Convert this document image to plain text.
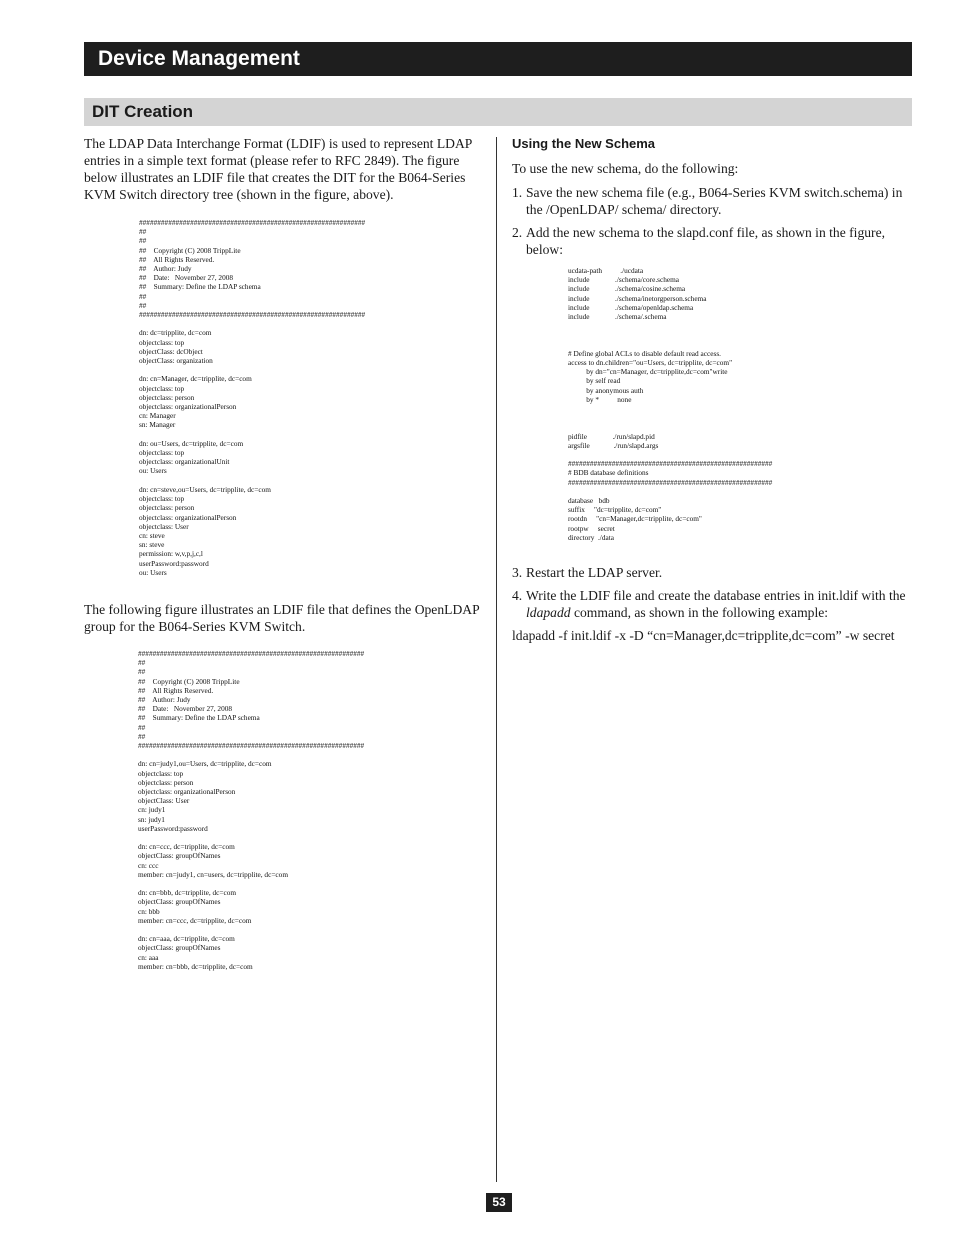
Device Management
DIT Creation

The LDAP Data Interchange Format (LDIF) is used to represent LDAP entries in a simple text format (please refer to RFC 2849). The figure below illustrates an LDIF file that creates the DIT for the B064-Series KVM Switch directory tree (shown in the figure, above).

##############################################################
##
##
##    Copyright (C) 2008 TrippLite
##    All Rights Reserved.
##    Author: Judy
##    Date:   November 27, 2008
##    Summary: Define the LDAP schema
##
##
##############################################################

dn: dc=tripplite, dc=com
objectclass: top
objectClass: dcObject
objectClass: organization

dn: cn=Manager, dc=tripplite, dc=com
objectclass: top
objectclass: person
objectclass: organizationalPerson
cn: Manager
sn: Manager

dn: ou=Users, dc=tripplite, dc=com
objectclass: top
objectclass: organizationalUnit
ou: Users

dn: cn=steve,ou=Users, dc=tripplite, dc=com
objectclass: top
objectclass: person
objectclass: organizationalPerson
objectclass: User
cn: steve
sn: steve
permission: w,v,p,j,c,l
userPassword:password
ou: Users

The following figure illustrates an LDIF file that defines the OpenLDAP group for the B064-Series KVM Switch.

##############################################################
##
##
##    Copyright (C) 2008 TrippLite
##    All Rights Reserved.
##    Author: Judy
##    Date:   November 27, 2008
##    Summary: Define the LDAP schema
##
##
##############################################################

dn: cn=judy1,ou=Users, dc=tripplite, dc=com
objectclass: top
objectclass: person
objectclass: organizationalPerson
objectClass: User
cn: judy1
sn: judy1
userPassword:password

dn: cn=ccc, dc=tripplite, dc=com
objectClass: groupOfNames
cn: ccc
member: cn=judy1, cn=users, dc=tripplite, dc=com

dn: cn=bbb, dc=tripplite, dc=com
objectClass: groupOfNames
cn: bbb
member: cn=ccc, dc=tripplite, dc=com

dn: cn=aaa, dc=tripplite, dc=com
objectClass: groupOfNames
cn: aaa
member: cn=bbb, dc=tripplite, dc=com

Using the New Schema

To use the new schema, do the following:

1. Save the new schema file (e.g., B064-Series KVM switch.schema) in the /OpenLDAP/ schema/ directory.
2. Add the new schema to the slapd.conf file, as shown in the figure, below:
ucdata-path          ./ucdata
include              ./schema/core.schema
include              ./schema/cosine.schema
include              ./schema/inetorgperson.schema
include              ./schema/openldap.schema
include              ./schema/.schema

# Define global ACLs to disable default read access.
access to dn.children="ou=Users, dc=tripplite, dc=com"
by dn="cn=Manager, dc=tripplite,dc=com"write
by self read
by anonymous auth
by *          none

pidfile              ./run/slapd.pid
argsfile             ./run/slapd.args

########################################################
# BDB database definitions
########################################################

database   bdb
suffix     "dc=tripplite, dc=com"
rootdn     "cn=Manager,dc=tripplite, dc=com"
rootpw     secret
directory  ./data
3. Restart the LDAP server.
4. Write the LDIF file and create the database entries in init.ldif with the ldapadd command, as shown in the following example:

ldapadd -f init.ldif -x -D “cn=Manager,dc=tripplite,dc=com” -w secret

53
